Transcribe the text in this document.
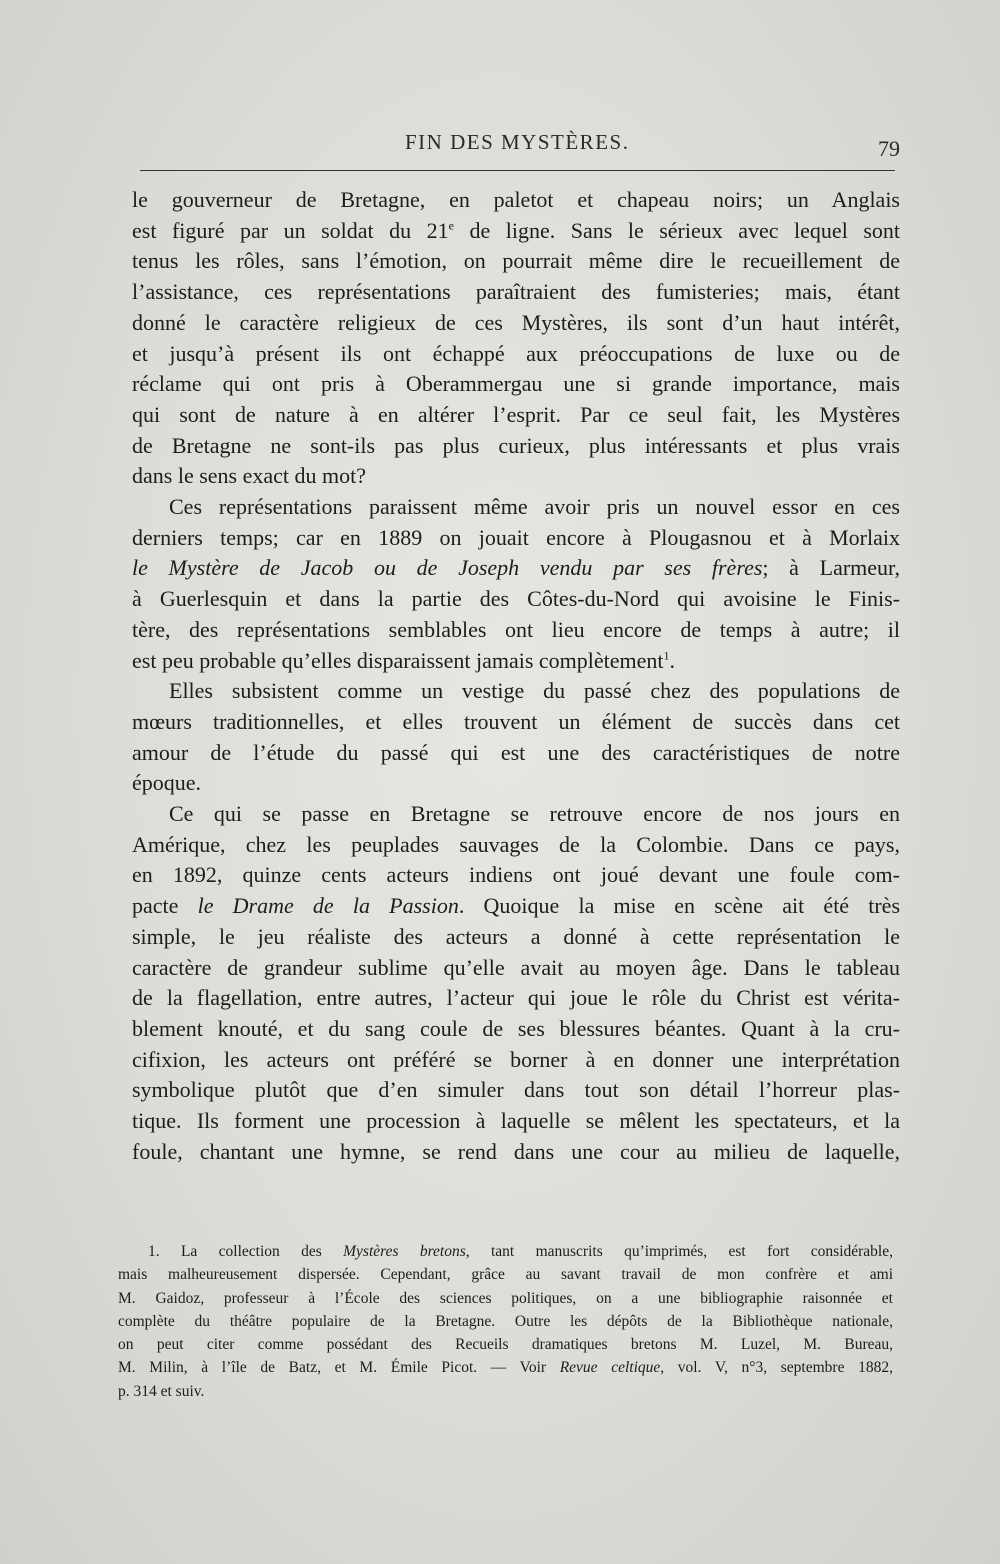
FIN DES MYSTÈRES.	79

le gouverneur de Bretagne, en paletot et chapeau noirs; un Anglais
est figuré par un soldat du 21e de ligne. Sans le sérieux avec lequel sont
tenus les rôles, sans l’émotion, on pourrait même dire le recueillement de
l’assistance, ces représentations paraîtraient des fumisteries; mais, étant
donné le caractère religieux de ces Mystères, ils sont d’un haut intérêt,
et jusqu’à présent ils ont échappé aux préoccupations de luxe ou de
réclame qui ont pris à Oberammergau une si grande importance, mais
qui sont de nature à en altérer l’esprit. Par ce seul fait, les Mystères
de Bretagne ne sont-ils pas plus curieux, plus intéressants et plus vrais
dans le sens exact du mot?

Ces représentations paraissent même avoir pris un nouvel essor en ces
derniers temps; car en 1889 on jouait encore à Plougasnou et à Morlaix
le Mystère de Jacob ou de Joseph vendu par ses frères; à Larmeur,
à Guerlesquin et dans la partie des Côtes-du-Nord qui avoisine le Finis-
tère, des représentations semblables ont lieu encore de temps à autre; il
est peu probable qu’elles disparaissent jamais complètement$^1$.

Elles subsistent comme un vestige du passé chez des populations de
mœurs traditionnelles, et elles trouvent un élément de succès dans cet
amour de l’étude du passé qui est une des caractéristiques de notre
époque.

Ce qui se passe en Bretagne se retrouve encore de nos jours en
Amérique, chez les peuplades sauvages de la Colombie. Dans ce pays,
en 1892, quinze cents acteurs indiens ont joué devant une foule com-
pacte le Drame de la Passion. Quoique la mise en scène ait été très
simple, le jeu réaliste des acteurs a donné à cette représentation le
caractère de grandeur sublime qu’elle avait au moyen âge. Dans le tableau
de la flagellation, entre autres, l’acteur qui joue le rôle du Christ est vérita-
blement knouté, et du sang coule de ses blessures béantes. Quant à la cru-
cifixion, les acteurs ont préféré se borner à en donner une interprétation
symbolique plutôt que d’en simuler dans tout son détail l’horreur plas-
tique. Ils forment une procession à laquelle se mêlent les spectateurs, et la
foule, chantant une hymne, se rend dans une cour au milieu de laquelle,

1. La collection des Mystères bretons, tant manuscrits qu’imprimés, est fort considérable,
mais malheureusement dispersée. Cependant, grâce au savant travail de mon confrère et ami
M. Gaidoz, professeur à l’École des sciences politiques, on a une bibliographie raisonnée et
complète du théâtre populaire de la Bretagne. Outre les dépôts de la Bibliothèque nationale,
on peut citer comme possédant des Recueils dramatiques bretons M. Luzel, M. Bureau,
M. Milin, à l’île de Batz, et M. Émile Picot. — Voir Revue celtique, vol. V, n°3, septembre 1882,
p. 314 et suiv.
